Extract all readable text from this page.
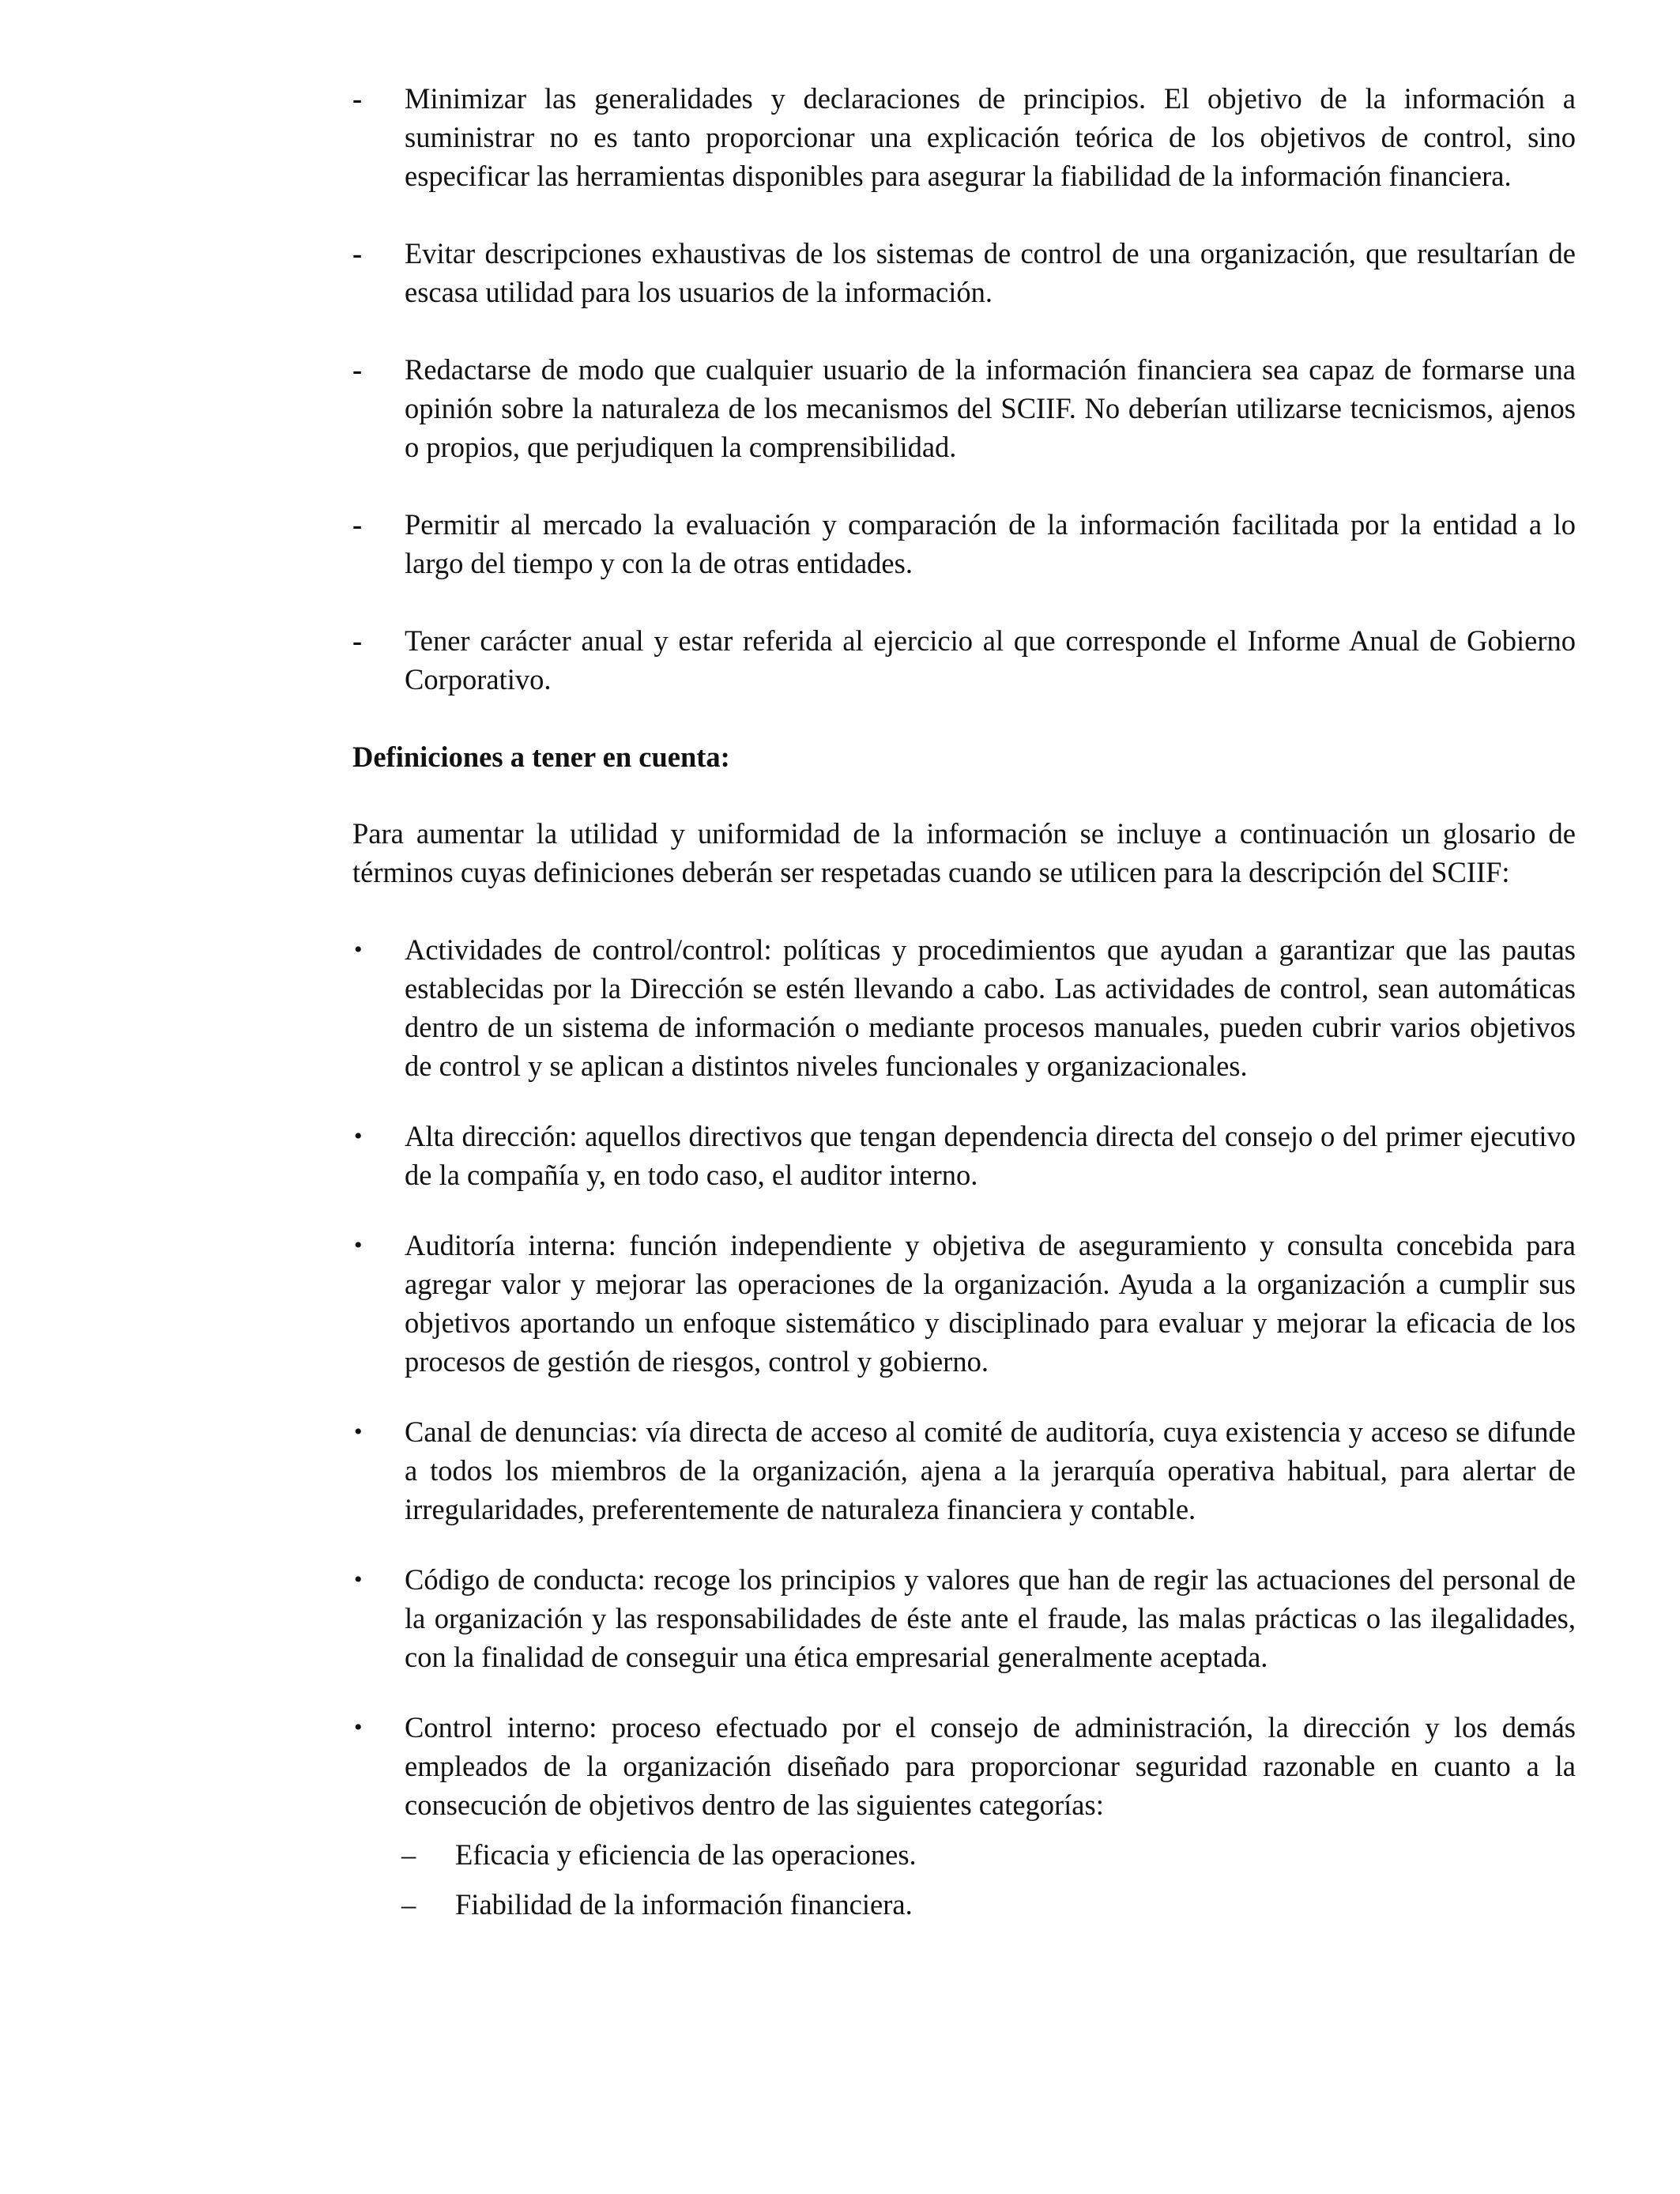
-	Minimizar las generalidades y declaraciones de principios. El objetivo de la información a suministrar no es tanto proporcionar una explicación teórica de los objetivos de control, sino especificar las herramientas disponibles para asegurar la fiabilidad de la información financiera.
-	Evitar descripciones exhaustivas de los sistemas de control de una organización, que resultarían de escasa utilidad para los usuarios de la información.
-	Redactarse de modo que cualquier usuario de la información financiera sea capaz de formarse una opinión sobre la naturaleza de los mecanismos del SCIIF. No deberían utilizarse tecnicismos, ajenos o propios, que perjudiquen la comprensibilidad.
-	Permitir al mercado la evaluación y comparación de la información facilitada por la entidad a lo largo del tiempo y con la de otras entidades.
-	Tener carácter anual y estar referida al ejercicio al que corresponde el Informe Anual de Gobierno Corporativo.
Definiciones a tener en cuenta:
Para aumentar la utilidad y uniformidad de la información se incluye a continuación un glosario de términos cuyas definiciones deberán ser respetadas cuando se utilicen para la descripción del SCIIF:
•	Actividades de control/control: políticas y procedimientos que ayudan a garantizar que las pautas establecidas por la Dirección se estén llevando a cabo. Las actividades de control, sean automáticas dentro de un sistema de información o mediante procesos manuales, pueden cubrir varios objetivos de control y se aplican a distintos niveles funcionales y organizacionales.
•	Alta dirección: aquellos directivos que tengan dependencia directa del consejo o del primer ejecutivo de la compañía y, en todo caso, el auditor interno.
•	Auditoría interna: función independiente y objetiva de aseguramiento y consulta concebida para agregar valor y mejorar las operaciones de la organización. Ayuda a la organización a cumplir sus objetivos aportando un enfoque sistemático y disciplinado para evaluar y mejorar la eficacia de los procesos de gestión de riesgos, control y gobierno.
•	Canal de denuncias: vía directa de acceso al comité de auditoría, cuya existencia y acceso se difunde a todos los miembros de la organización, ajena a la jerarquía operativa habitual, para alertar de irregularidades, preferentemente de naturaleza financiera y contable.
•	Código de conducta: recoge los principios y valores que han de regir las actuaciones del personal de la organización y las responsabilidades de éste ante el fraude, las malas prácticas o las ilegalidades, con la finalidad de conseguir una ética empresarial generalmente aceptada.
•	Control interno: proceso efectuado por el consejo de administración, la dirección y los demás empleados de la organización diseñado para proporcionar seguridad razonable en cuanto a la consecución de objetivos dentro de las siguientes categorías:
–	Eficacia y eficiencia de las operaciones.
–	Fiabilidad de la información financiera.
